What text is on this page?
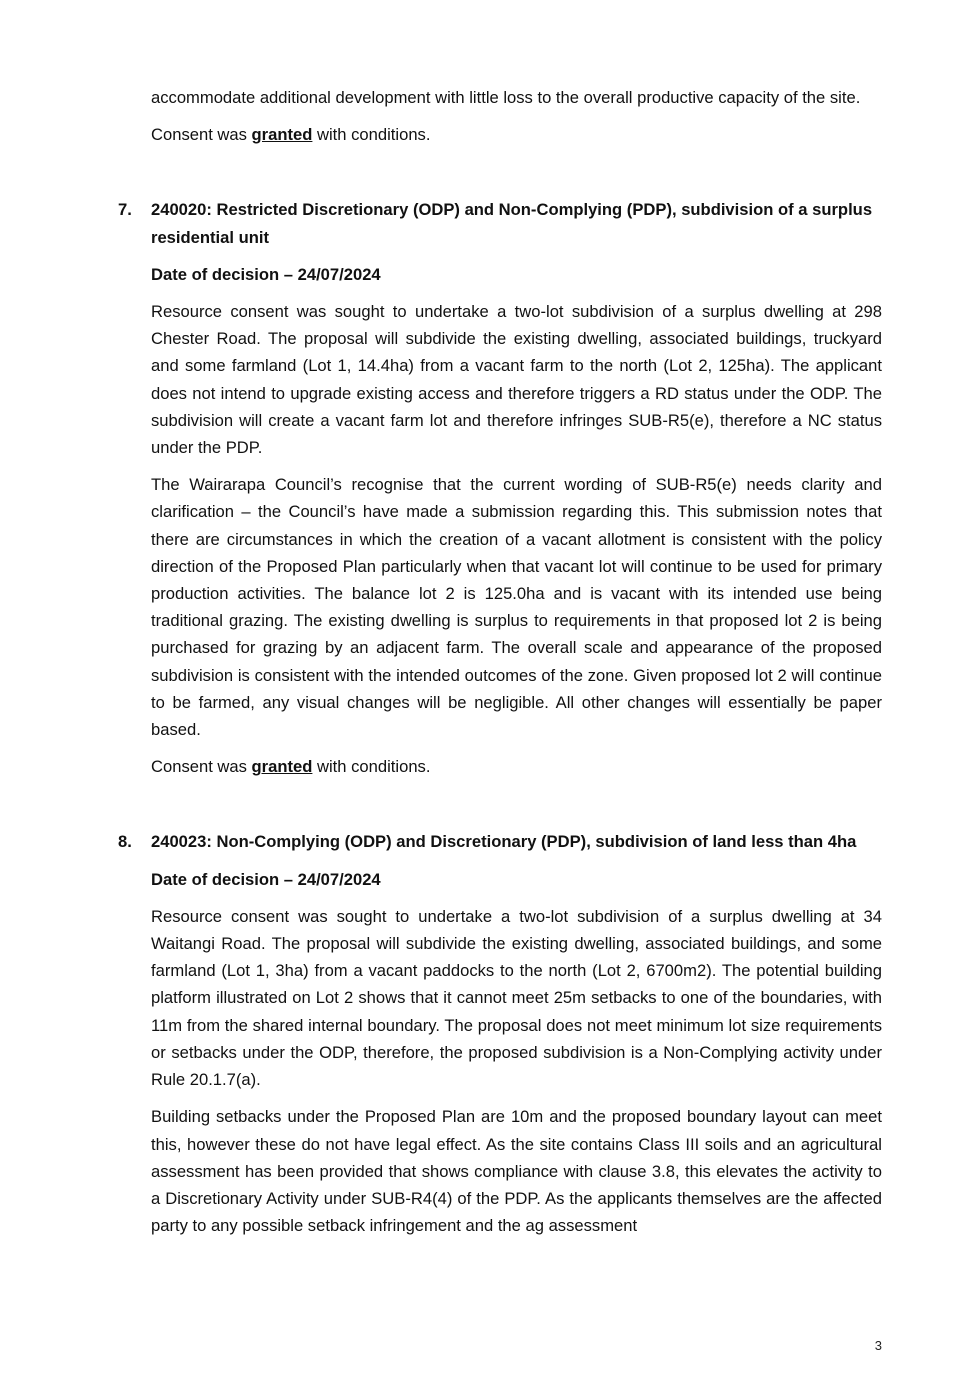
accommodate additional development with little loss to the overall productive capacity of the site.

Consent was granted with conditions.

7. 240020: Restricted Discretionary (ODP) and Non-Complying (PDP), subdivision of a surplus residential unit

Date of decision – 24/07/2024

Resource consent was sought to undertake a two-lot subdivision of a surplus dwelling at 298 Chester Road. The proposal will subdivide the existing dwelling, associated buildings, truckyard and some farmland (Lot 1, 14.4ha) from a vacant farm to the north (Lot 2, 125ha). The applicant does not intend to upgrade existing access and therefore triggers a RD status under the ODP. The subdivision will create a vacant farm lot and therefore infringes SUB-R5(e), therefore a NC status under the PDP.

The Wairarapa Council’s recognise that the current wording of SUB-R5(e) needs clarity and clarification – the Council’s have made a submission regarding this. This submission notes that there are circumstances in which the creation of a vacant allotment is consistent with the policy direction of the Proposed Plan particularly when that vacant lot will continue to be used for primary production activities. The balance lot 2 is 125.0ha and is vacant with its intended use being traditional grazing. The existing dwelling is surplus to requirements in that proposed lot 2 is being purchased for grazing by an adjacent farm. The overall scale and appearance of the proposed subdivision is consistent with the intended outcomes of the zone. Given proposed lot 2 will continue to be farmed, any visual changes will be negligible. All other changes will essentially be paper based.

Consent was granted with conditions.

8. 240023: Non-Complying (ODP) and Discretionary (PDP), subdivision of land less than 4ha

Date of decision – 24/07/2024

Resource consent was sought to undertake a two-lot subdivision of a surplus dwelling at 34 Waitangi Road. The proposal will subdivide the existing dwelling, associated buildings, and some farmland (Lot 1, 3ha) from a vacant paddocks to the north (Lot 2, 6700m2). The potential building platform illustrated on Lot 2 shows that it cannot meet 25m setbacks to one of the boundaries, with 11m from the shared internal boundary. The proposal does not meet minimum lot size requirements or setbacks under the ODP, therefore, the proposed subdivision is a Non-Complying activity under Rule 20.1.7(a).

Building setbacks under the Proposed Plan are 10m and the proposed boundary layout can meet this, however these do not have legal effect. As the site contains Class III soils and an agricultural assessment has been provided that shows compliance with clause 3.8, this elevates the activity to a Discretionary Activity under SUB-R4(4) of the PDP. As the applicants themselves are the affected party to any possible setback infringement and the ag assessment

3
